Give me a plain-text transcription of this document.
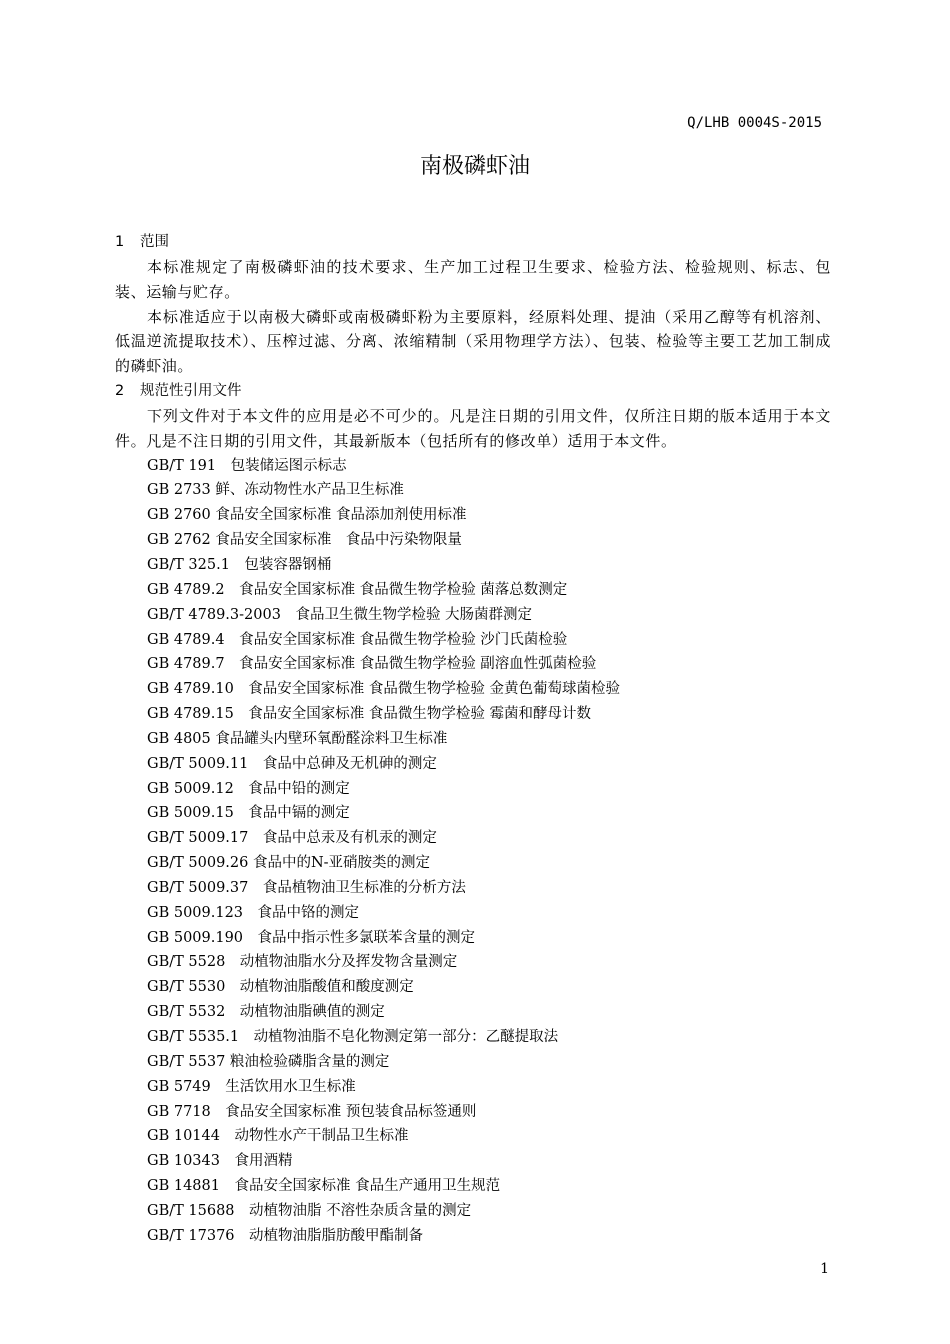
Q/LHB 0004S-2015
南极磷虾油
1 范围
本标准规定了南极磷虾油的技术要求、生产加工过程卫生要求、检验方法、检验规则、标志、包装、运输与贮存。
本标准适应于以南极大磷虾或南极磷虾粉为主要原料，经原料处理、提油（采用乙醇等有机溶剂、低温逆流提取技术）、压榨过滤、分离、浓缩精制（采用物理学方法）、包装、检验等主要工艺加工制成的磷虾油。
2 规范性引用文件
下列文件对于本文件的应用是必不可少的。凡是注日期的引用文件，仅所注日期的版本适用于本文件。凡是不注日期的引用文件，其最新版本（包括所有的修改单）适用于本文件。
GB/T 191　包装储运图示标志
GB 2733 鲜、冻动物性水产品卫生标准
GB 2760 食品安全国家标准 食品添加剂使用标准
GB 2762 食品安全国家标准　食品中污染物限量
GB/T 325.1　包装容器钢桶
GB 4789.2　食品安全国家标准 食品微生物学检验 菌落总数测定
GB/T 4789.3-2003　食品卫生微生物学检验 大肠菌群测定
GB 4789.4　食品安全国家标准 食品微生物学检验 沙门氏菌检验
GB 4789.7　食品安全国家标准 食品微生物学检验 副溶血性弧菌检验
GB 4789.10　食品安全国家标准 食品微生物学检验 金黄色葡萄球菌检验
GB 4789.15　食品安全国家标准 食品微生物学检验 霉菌和酵母计数
GB 4805 食品罐头内壁环氧酚醛涂料卫生标准
GB/T 5009.11　食品中总砷及无机砷的测定
GB 5009.12　食品中铅的测定
GB 5009.15　食品中镉的测定
GB/T 5009.17　食品中总汞及有机汞的测定
GB/T 5009.26 食品中的N-亚硝胺类的测定
GB/T 5009.37　食品植物油卫生标准的分析方法
GB 5009.123　食品中铬的测定
GB 5009.190　食品中指示性多氯联苯含量的测定
GB/T 5528　动植物油脂水分及挥发物含量测定
GB/T 5530　动植物油脂酸值和酸度测定
GB/T 5532　动植物油脂碘值的测定
GB/T 5535.1　动植物油脂不皂化物测定第一部分：乙醚提取法
GB/T 5537 粮油检验磷脂含量的测定
GB 5749　生活饮用水卫生标准
GB 7718　食品安全国家标准 预包装食品标签通则
GB 10144　动物性水产干制品卫生标准
GB 10343　食用酒精
GB 14881　食品安全国家标准 食品生产通用卫生规范
GB/T 15688　动植物油脂 不溶性杂质含量的测定
GB/T 17376　动植物油脂脂肪酸甲酯制备
1
